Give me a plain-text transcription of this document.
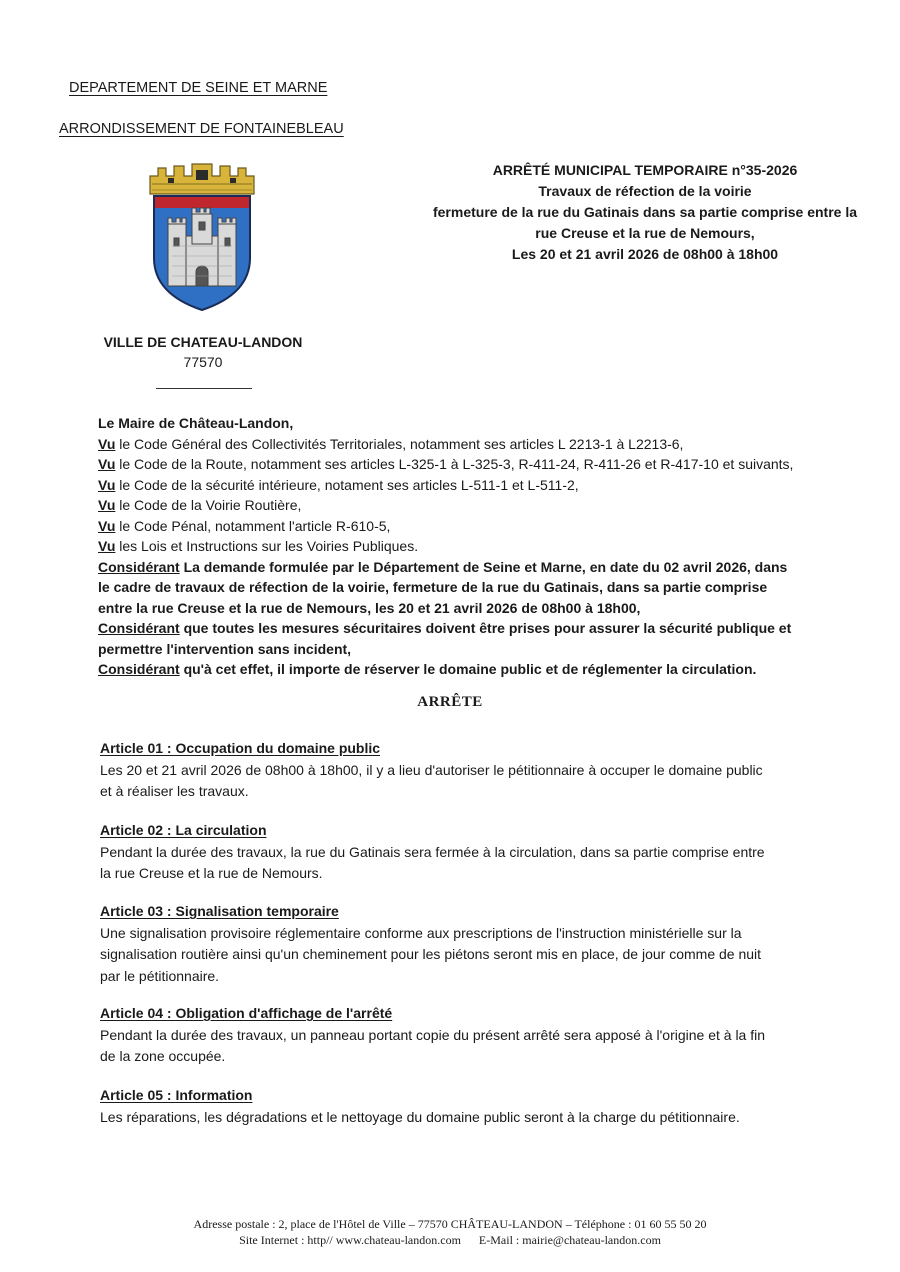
DEPARTEMENT DE SEINE ET MARNE
ARRONDISSEMENT DE FONTAINEBLEAU
ARRÊTÉ MUNICIPAL TEMPORAIRE n°35-2026
Travaux de réfection de la voirie
fermeture de la rue du Gatinais dans sa partie comprise entre la
rue Creuse et la rue de Nemours,
Les 20 et 21 avril 2026 de 08h00 à 18h00
VILLE DE CHATEAU-LANDON
77570
Le Maire de Château-Landon,
Vu le Code Général des Collectivités Territoriales, notamment ses articles L 2213-1 à L2213-6,
Vu le Code de la Route, notamment ses articles L-325-1 à L-325-3, R-411-24, R-411-26 et R-417-10 et suivants,
Vu le Code de la sécurité intérieure, notament ses articles L-511-1 et L-511-2,
Vu le Code de la Voirie Routière,
Vu le Code Pénal, notamment l'article R-610-5,
Vu les Lois et Instructions sur les Voiries Publiques.
Considérant La demande formulée par le Département de Seine et Marne, en date du 02 avril 2026, dans
le cadre de travaux de réfection de la voirie, fermeture de la rue du Gatinais, dans sa partie comprise
entre la rue Creuse et la rue de Nemours, les 20 et 21 avril 2026 de 08h00 à 18h00,
Considérant que toutes les mesures sécuritaires doivent être prises pour assurer la sécurité publique et
permettre l'intervention sans incident,
Considérant qu'à cet effet, il importe de réserver le domaine public et de réglementer la circulation.
ARRÊTE
Article 01 : Occupation du domaine public
Les 20 et 21 avril 2026 de 08h00 à 18h00, il y a lieu d'autoriser le pétitionnaire à occuper le domaine public
et à réaliser les travaux.
Article 02 : La circulation
Pendant la durée des travaux, la rue du Gatinais sera fermée à la circulation, dans sa partie comprise entre
la rue Creuse et la rue de Nemours.
Article 03 : Signalisation temporaire
Une signalisation provisoire réglementaire conforme aux prescriptions de l'instruction ministérielle sur la
signalisation routière ainsi qu'un cheminement pour les piétons seront mis en place, de jour comme de nuit
par le pétitionnaire.
Article 04 : Obligation d'affichage de l'arrêté
Pendant la durée des travaux, un panneau portant copie du présent arrêté sera apposé à l'origine et à la fin
de la zone occupée.
Article 05 : Information
Les réparations, les dégradations et le nettoyage du domaine public seront à la charge du pétitionnaire.
Adresse postale : 2, place de l'Hôtel de Ville – 77570 CHÂTEAU-LANDON – Téléphone : 01 60 55 50 20
Site Internet : http// www.chateau-landon.com E-Mail : mairie@chateau-landon.com
